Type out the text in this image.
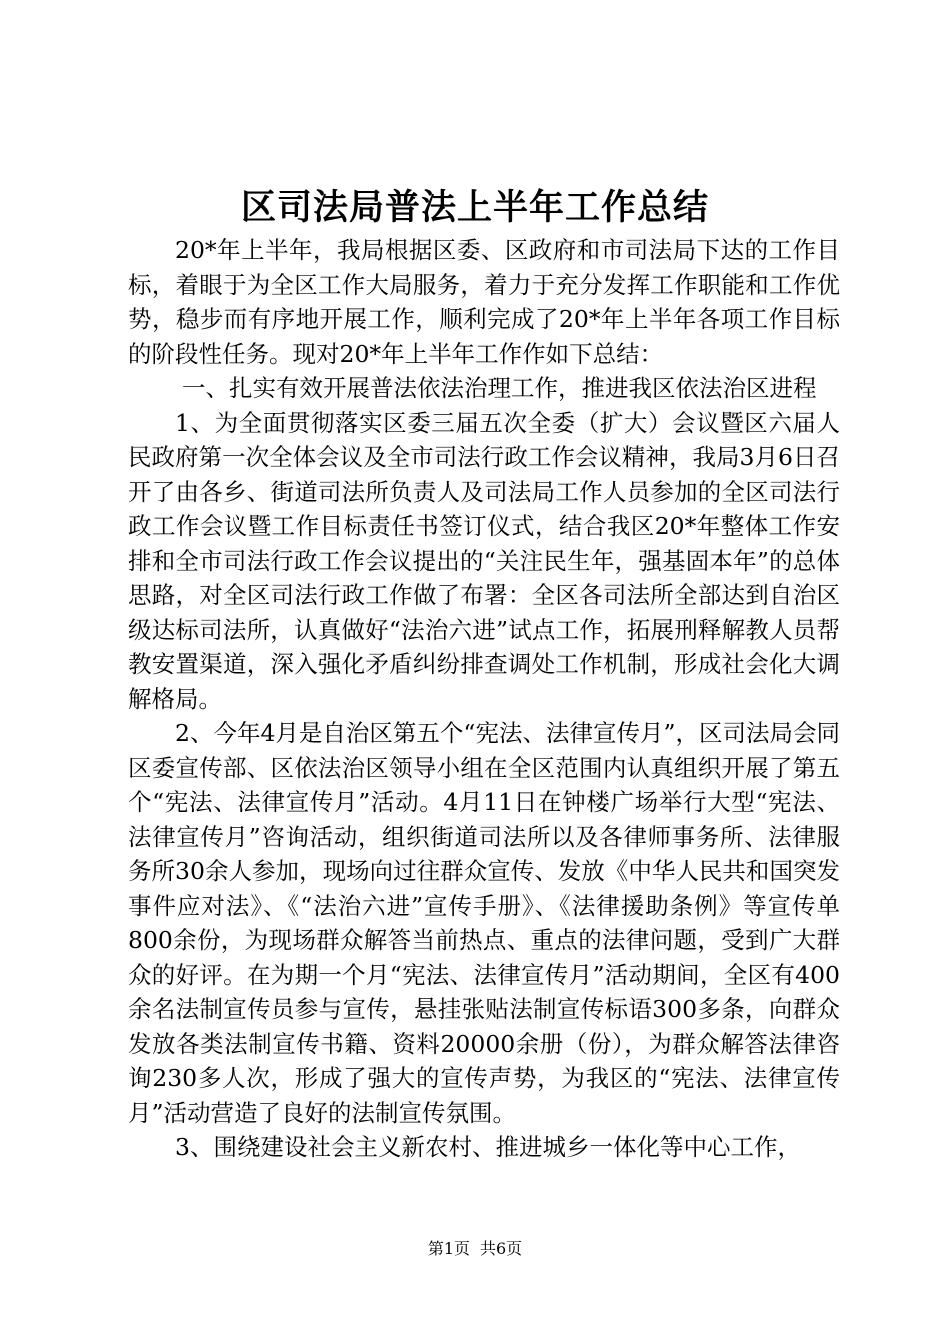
区司法局普法上半年工作总结

20*年上半年，我局根据区委、区政府和市司法局下达的工作目标，着眼于为全区工作大局服务，着力于充分发挥工作职能和工作优势，稳步而有序地开展工作，顺利完成了20*年上半年各项工作目标的阶段性任务。现对20*年上半年工作作如下总结：

一、扎实有效开展普法依法治理工作，推进我区依法治区进程

1、为全面贯彻落实区委三届五次全委（扩大）会议暨区六届人民政府第一次全体会议及全市司法行政工作会议精神，我局3月6日召开了由各乡、街道司法所负责人及司法局工作人员参加的全区司法行政工作会议暨工作目标责任书签订仪式，结合我区20*年整体工作安排和全市司法行政工作会议提出的“关注民生年，强基固本年”的总体思路，对全区司法行政工作做了布署：全区各司法所全部达到自治区级达标司法所，认真做好“法治六进”试点工作，拓展刑释解教人员帮教安置渠道，深入强化矛盾纠纷排查调处工作机制，形成社会化大调解格局。

2、今年4月是自治区第五个“宪法、法律宣传月”，区司法局会同区委宣传部、区依法治区领导小组在全区范围内认真组织开展了第五个“宪法、法律宣传月”活动。4月11日在钟楼广场举行大型“宪法、法律宣传月”咨询活动，组织街道司法所以及各律师事务所、法律服务所30余人参加，现场向过往群众宣传、发放《中华人民共和国突发事件应对法》、《“法治六进”宣传手册》、《法律援助条例》等宣传单800余份，为现场群众解答当前热点、重点的法律问题，受到广大群众的好评。在为期一个月“宪法、法律宣传月”活动期间，全区有400余名法制宣传员参与宣传，悬挂张贴法制宣传标语300多条，向群众发放各类法制宣传书籍、资料20000余册（份），为群众解答法律咨询230多人次，形成了强大的宣传声势，为我区的“宪法、法律宣传月”活动营造了良好的法制宣传氛围。

3、围绕建设社会主义新农村、推进城乡一体化等中心工作，

第1页 共6页
